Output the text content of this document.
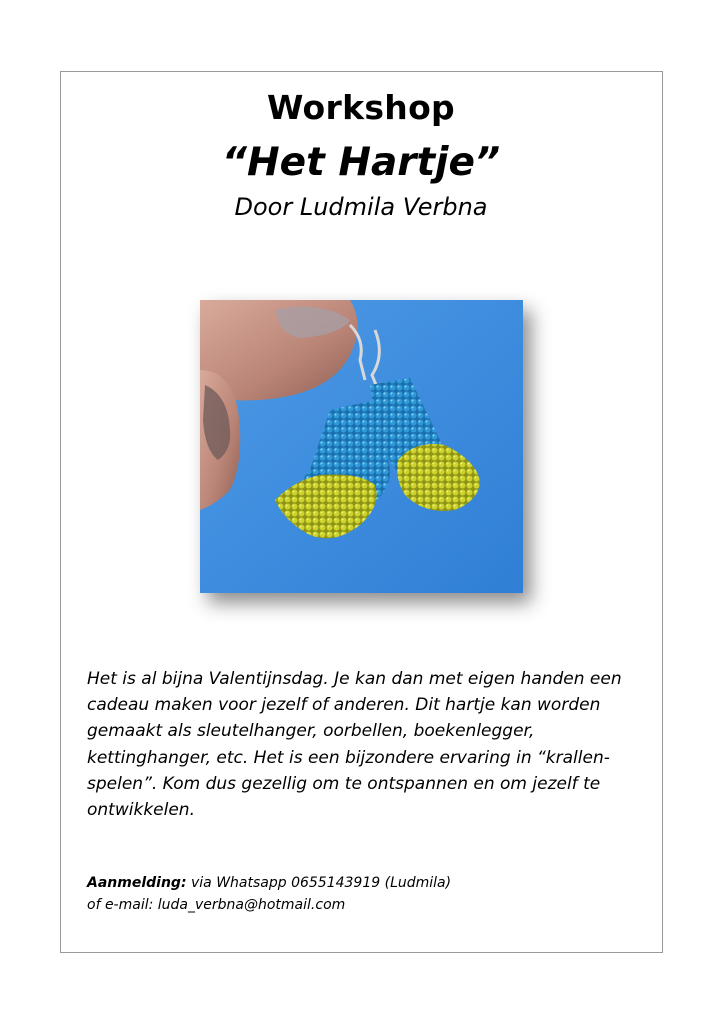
Workshop
“Het Hartje”
Door Ludmila Verbna

Het is al bijna Valentijnsdag. Je kan dan met eigen handen een cadeau maken voor jezelf of anderen. Dit hartje kan worden gemaakt als sleutelhanger, oorbellen, boekenlegger, kettinghanger, etc. Het is een bijzondere ervaring in “krallen-spelen”. Kom dus gezellig om te ontspannen en om jezelf te ontwikkelen.

Aanmelding: via Whatsapp 0655143919 (Ludmila)
of e-mail: luda_verbna@hotmail.com
